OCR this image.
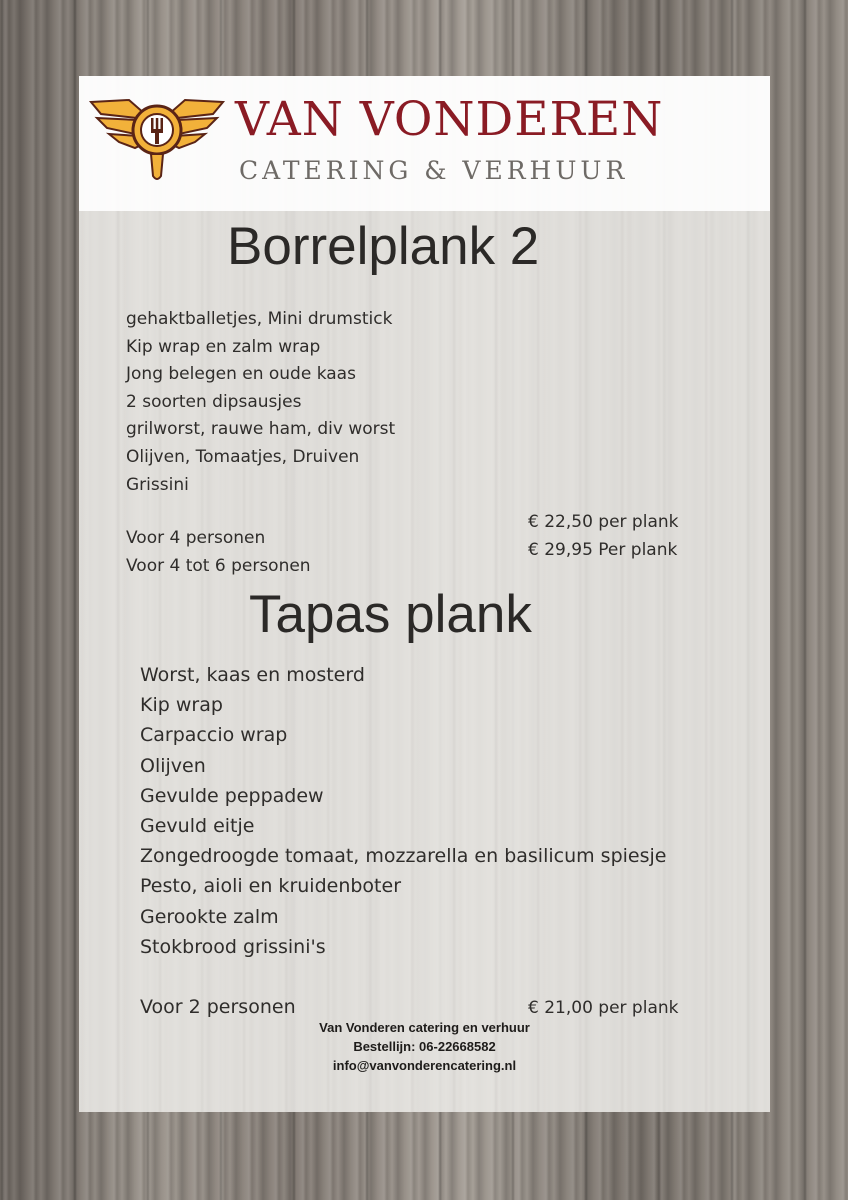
VAN VONDEREN
CATERING & VERHUUR
Borrelplank 2
gehaktballetjes, Mini drumstick
Kip wrap en zalm wrap
Jong belegen en oude kaas
2 soorten dipsausjes
grilworst, rauwe ham, div worst
Olijven, Tomaatjes, Druiven
Grissini
Voor 4 personen
Voor 4 tot 6 personen
€ 22,50 per plank
€ 29,95 Per plank
Tapas plank
Worst, kaas en mosterd
Kip wrap
Carpaccio wrap
Olijven
Gevulde peppadew
Gevuld eitje
Zongedroogde tomaat, mozzarella en basilicum spiesje
Pesto, aioli en kruidenboter
Gerookte zalm
Stokbrood grissini's
Voor 2 personen	€ 21,00 per plank
Van Vonderen catering en verhuur
Bestellijn: 06-22668582
info@vanvonderencatering.nl
